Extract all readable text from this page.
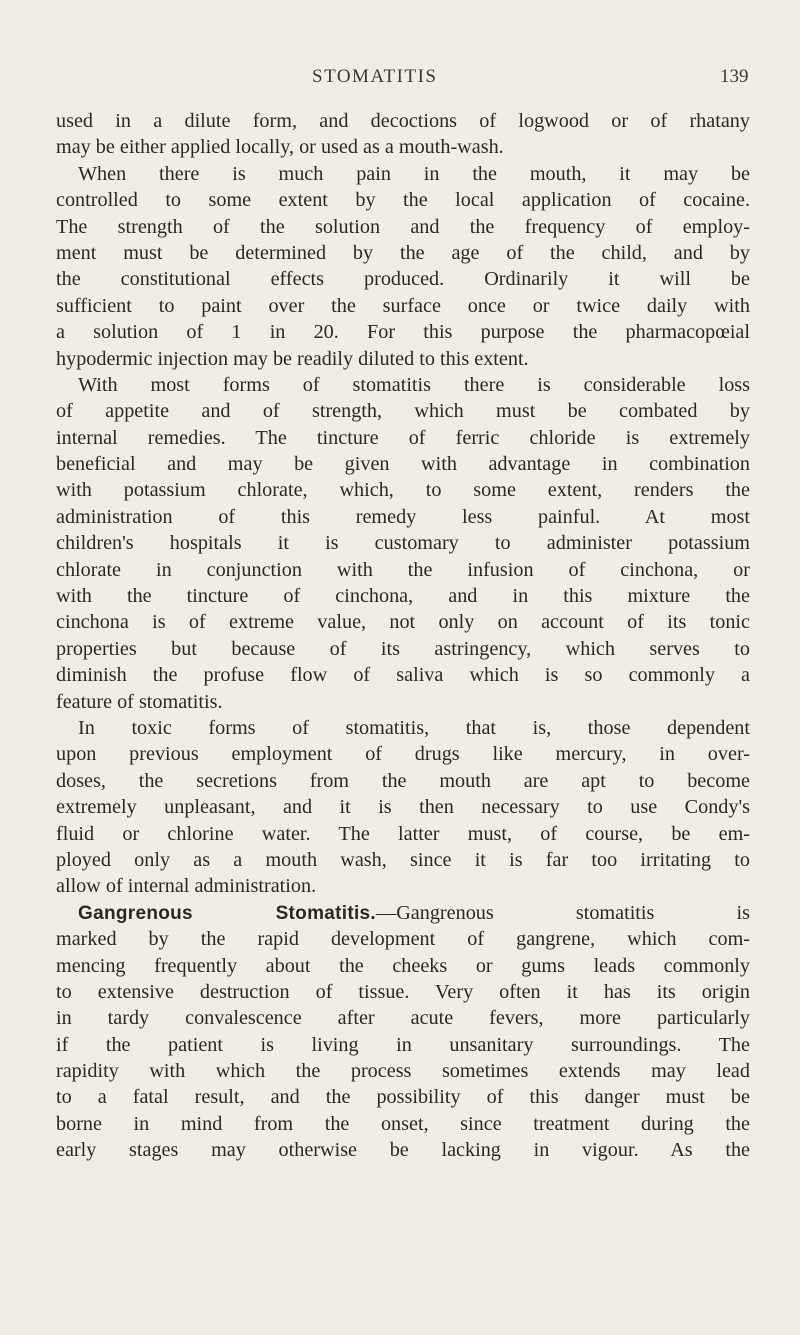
STOMATITIS	139
used in a dilute form, and decoctions of logwood or of rhatany
may be either applied locally, or used as a mouth-wash.
When there is much pain in the mouth, it may be
controlled to some extent by the local application of cocaine.
The strength of the solution and the frequency of employ-
ment must be determined by the age of the child, and by
the constitutional effects produced. Ordinarily it will be
sufficient to paint over the surface once or twice daily with
a solution of 1 in 20. For this purpose the pharmacopœial
hypodermic injection may be readily diluted to this extent.
With most forms of stomatitis there is considerable loss
of appetite and of strength, which must be combated by
internal remedies. The tincture of ferric chloride is extremely
beneficial and may be given with advantage in combination
with potassium chlorate, which, to some extent, renders the
administration of this remedy less painful. At most
children's hospitals it is customary to administer potassium
chlorate in conjunction with the infusion of cinchona, or
with the tincture of cinchona, and in this mixture the
cinchona is of extreme value, not only on account of its tonic
properties but because of its astringency, which serves to
diminish the profuse flow of saliva which is so commonly a
feature of stomatitis.
In toxic forms of stomatitis, that is, those dependent
upon previous employment of drugs like mercury, in over-
doses, the secretions from the mouth are apt to become
extremely unpleasant, and it is then necessary to use Condy's
fluid or chlorine water. The latter must, of course, be em-
ployed only as a mouth wash, since it is far too irritating to
allow of internal administration.
Gangrenous Stomatitis.—Gangrenous stomatitis is
marked by the rapid development of gangrene, which com-
mencing frequently about the cheeks or gums leads commonly
to extensive destruction of tissue. Very often it has its origin
in tardy convalescence after acute fevers, more particularly
if the patient is living in unsanitary surroundings. The
rapidity with which the process sometimes extends may lead
to a fatal result, and the possibility of this danger must be
borne in mind from the onset, since treatment during the
early stages may otherwise be lacking in vigour. As the
